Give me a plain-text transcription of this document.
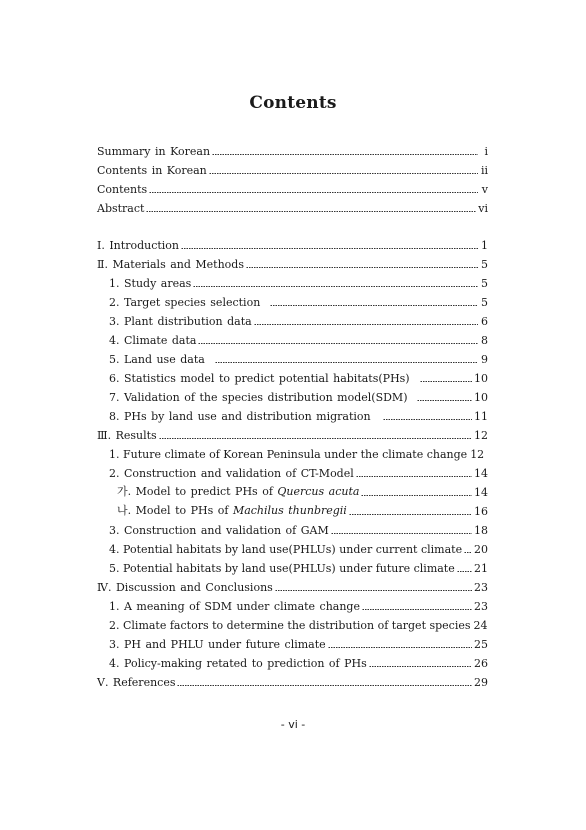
Contents
Summary in Korean	i
Contents in Korean	ii
Contents	v
Abstract	vi
Ⅰ. Introduction	1
Ⅱ. Materials and Methods	5
1. Study areas	5
2. Target species selection	5
3. Plant distribution data	6
4. Climate data	8
5. Land use data	9
6. Statistics model to predict potential habitats(PHs)	10
7. Validation of the species distribution model(SDM)	10
8. PHs by land use and distribution migration	11
Ⅲ. Results	12
1. Future climate of Korean Peninsula under the climate change 12
2. Construction and validation of CT-Model	14
가. Model to predict PHs of Quercus acuta	14
나. Model to PHs of Machilus thunbregii	16
3. Construction and validation of GAM	18
4. Potential habitats by land use(PHLUs) under current climate 20
5. Potential habitats by land use(PHLUs) under future climate 21
Ⅳ. Discussion and Conclusions	23
1. A meaning of SDM under climate change	23
2. Climate factors to determine the distribution of target species 24
3. PH and PHLU under future climate	25
4. Policy-making retated to prediction of PHs	26
Ⅴ. References	29
- vi -
